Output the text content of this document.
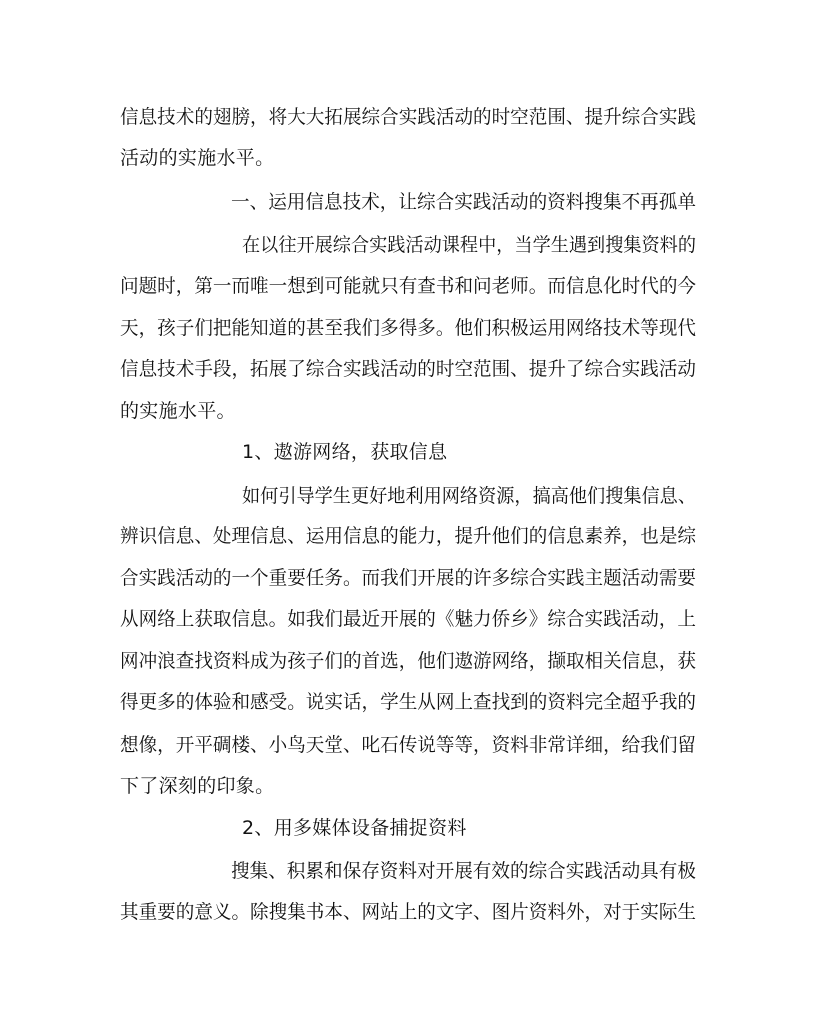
信息技术的翅膀，将大大拓展综合实践活动的时空范围、提升综合实践
活动的实施水平。
一、运用信息技术，让综合实践活动的资料搜集不再孤单
在以往开展综合实践活动课程中，当学生遇到搜集资料的
问题时，第一而唯一想到可能就只有查书和问老师。而信息化时代的今
天，孩子们把能知道的甚至我们多得多。他们积极运用网络技术等现代
信息技术手段，拓展了综合实践活动的时空范围、提升了综合实践活动
的实施水平。
1、遨游网络，获取信息
如何引导学生更好地利用网络资源，搞高他们搜集信息、
辨识信息、处理信息、运用信息的能力，提升他们的信息素养，也是综
合实践活动的一个重要任务。而我们开展的许多综合实践主题活动需要
从网络上获取信息。如我们最近开展的《魅力侨乡》综合实践活动，上
网冲浪查找资料成为孩子们的首选，他们遨游网络，撷取相关信息，获
得更多的体验和感受。说实话，学生从网上查找到的资料完全超乎我的
想像，开平碉楼、小鸟天堂、叱石传说等等，资料非常详细，给我们留
下了深刻的印象。
2、用多媒体设备捕捉资料
搜集、积累和保存资料对开展有效的综合实践活动具有极
其重要的意义。除搜集书本、网站上的文字、图片资料外，对于实际生
